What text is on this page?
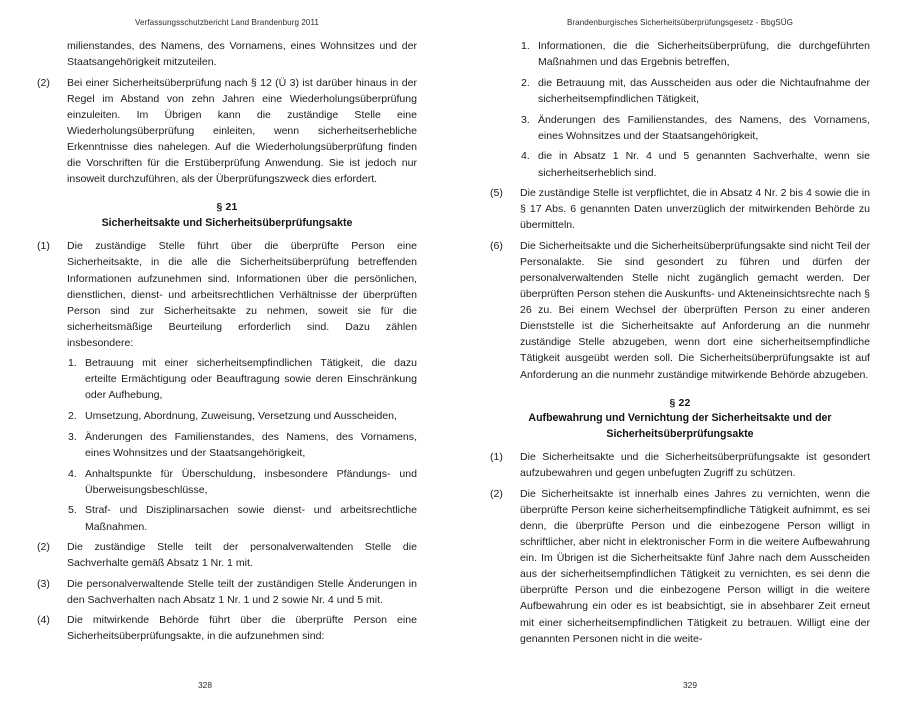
Verfassungsschutzbericht Land Brandenburg 2011
milienstandes, des Namens, des Vornamens, eines Wohnsitzes und der Staatsangehörigkeit mitzuteilen.
(2)	Bei einer Sicherheitsüberprüfung nach § 12 (Ü 3) ist darüber hinaus in der Regel im Abstand von zehn Jahren eine Wiederholungsüberprüfung einzuleiten. Im Übrigen kann die zuständige Stelle eine Wiederholungsüberprüfung einleiten, wenn sicherheitserhebliche Erkenntnisse dies nahelegen. Auf die Wiederholungsüberprüfung finden die Vorschriften für die Erstüberprüfung Anwendung. Sie ist jedoch nur insoweit durchzuführen, als der Überprüfungszweck dies erfordert.
§ 21
Sicherheitsakte und Sicherheitsüberprüfungsakte
(1)	Die zuständige Stelle führt über die überprüfte Person eine Sicherheitsakte, in die alle die Sicherheitsüberprüfung betreffenden Informationen aufzunehmen sind. Informationen über die persönlichen, dienstlichen, dienst- und arbeitsrechtlichen Verhältnisse der überprüften Person sind zur Sicherheitsakte zu nehmen, soweit sie für die sicherheitsmäßige Beurteilung erforderlich sind. Dazu zählen insbesondere:
1. Betrauung mit einer sicherheitsempfindlichen Tätigkeit, die dazu erteilte Ermächtigung oder Beauftragung sowie deren Einschränkung oder Aufhebung,
2. Umsetzung, Abordnung, Zuweisung, Versetzung und Ausscheiden,
3. Änderungen des Familienstandes, des Namens, des Vornamens, eines Wohnsitzes und der Staatsangehörigkeit,
4. Anhaltspunkte für Überschuldung, insbesondere Pfändungs- und Überweisungsbeschlüsse,
5. Straf- und Disziplinarsachen sowie dienst- und arbeitsrechtliche Maßnahmen.
(2)	Die zuständige Stelle teilt der personalverwaltenden Stelle die Sachverhalte gemäß Absatz 1 Nr. 1 mit.
(3)	Die personalverwaltende Stelle teilt der zuständigen Stelle Änderungen in den Sachverhalten nach Absatz 1 Nr. 1 und 2 sowie Nr. 4 und 5 mit.
(4)	Die mitwirkende Behörde führt über die überprüfte Person eine Sicherheitsüberprüfungsakte, in die aufzunehmen sind:
328
Brandenburgisches Sicherheitsüberprüfungsgesetz - BbgSÜG
1. Informationen, die die Sicherheitsüberprüfung, die durchgeführten Maßnahmen und das Ergebnis betreffen,
2. die Betrauung mit, das Ausscheiden aus oder die Nichtaufnahme der sicherheitsempfindlichen Tätigkeit,
3. Änderungen des Familienstandes, des Namens, des Vornamens, eines Wohnsitzes und der Staatsangehörigkeit,
4. die in Absatz 1 Nr. 4 und 5 genannten Sachverhalte, wenn sie sicherheitserheblich sind.
(5)	Die zuständige Stelle ist verpflichtet, die in Absatz 4 Nr. 2 bis 4 sowie die in § 17 Abs. 6 genannten Daten unverzüglich der mitwirkenden Behörde zu übermitteln.
(6)	Die Sicherheitsakte und die Sicherheitsüberprüfungsakte sind nicht Teil der Personalakte. Sie sind gesondert zu führen und dürfen der personalverwaltenden Stelle nicht zugänglich gemacht werden. Der überprüften Person stehen die Auskunfts- und Akteneinsichtsrechte nach § 26 zu. Bei einem Wechsel der überprüften Person zu einer anderen Dienststelle ist die Sicherheitsakte auf Anforderung an die nunmehr zuständige Stelle abzugeben, wenn dort eine sicherheitsempfindliche Tätigkeit ausgeübt werden soll. Die Sicherheitsüberprüfungsakte ist auf Anforderung an die nunmehr zuständige mitwirkende Behörde abzugeben.
§ 22
Aufbewahrung und Vernichtung der Sicherheitsakte und der Sicherheitsüberprüfungsakte
(1)	Die Sicherheitsakte und die Sicherheitsüberprüfungsakte ist gesondert aufzubewahren und gegen unbefugten Zugriff zu schützen.
(2)	Die Sicherheitsakte ist innerhalb eines Jahres zu vernichten, wenn die überprüfte Person keine sicherheitsempfindliche Tätigkeit aufnimmt, es sei denn, die überprüfte Person und die einbezogene Person willigt in schriftlicher, aber nicht in elektronischer Form in die weitere Aufbewahrung ein. Im Übrigen ist die Sicherheitsakte fünf Jahre nach dem Ausscheiden aus der sicherheitsempfindlichen Tätigkeit zu vernichten, es sei denn die überprüfte Person und die einbezogene Person willigt in die weitere Aufbewahrung ein oder es ist beabsichtigt, sie in absehbarer Zeit erneut mit einer sicherheitsempfindlichen Tätigkeit zu betrauen. Willigt eine der genannten Personen nicht in die weite-
329
